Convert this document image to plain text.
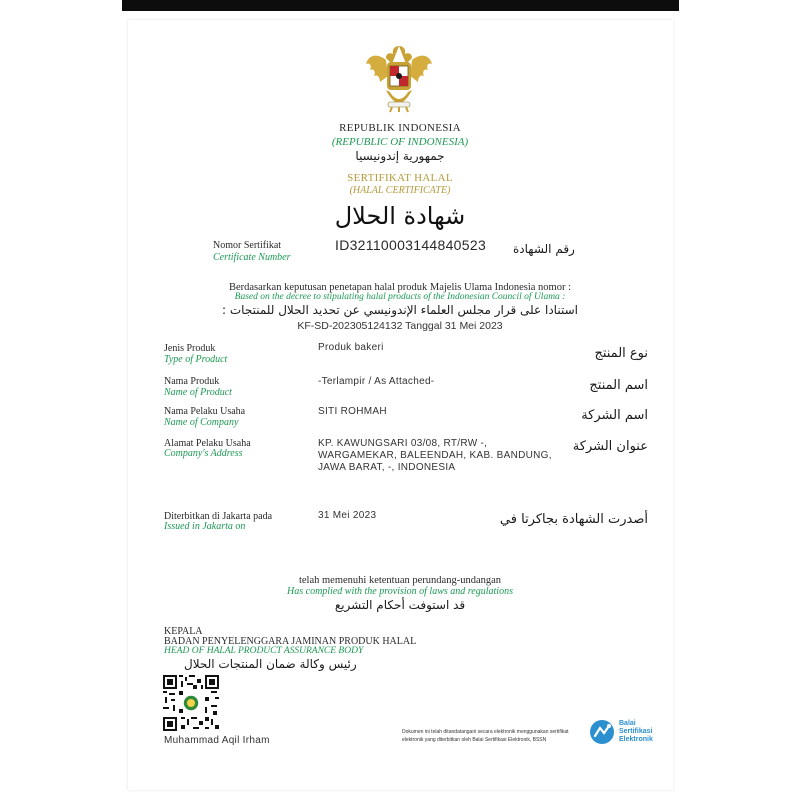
REPUBLIK INDONESIA
(REPUBLIC OF INDONESIA)
جمهورية إندونيسيا
SERTIFIKAT HALAL
(HALAL CERTIFICATE)
شهادة الحلال
Nomor Sertifikat
Certificate Number
ID32110003144840523 رقم الشهادة
Berdasarkan keputusan penetapan halal produk Majelis Ulama Indonesia nomor :
Based on the decree to stipulating halal products of the Indonesian Council of Ulama :
استنادا على قرار مجلس العلماء الإندونيسي عن تحديد الحلال للمنتجات :
KF-SD-202305124132 Tanggal 31 Mei 2023
Jenis Produk
Type of Product
Produk bakeri	نوع المنتج
Nama Produk
Name of Product
-Terlampir / As Attached-	اسم المنتج
Nama Pelaku Usaha
Name of Company
SITI ROHMAH	اسم الشركة
Alamat Pelaku Usaha
Company's Address
KP. KAWUNGSARI 03/08, RT/RW -,
WARGAMEKAR, BALEENDAH, KAB. BANDUNG,
JAWA BARAT, -, INDONESIA
عنوان الشركة
Diterbitkan di Jakarta pada
Issued in Jakarta on
31 Mei 2023	أصدرت الشهادة بجاكرتا في
telah memenuhi ketentuan perundang-undangan
Has complied with the provision of laws and regulations
قد استوفت أحكام التشريع
KEPALA
BADAN PENYELENGGARA JAMINAN PRODUK HALAL
HEAD OF HALAL PRODUCT ASSURANCE BODY
رئيس وكالة ضمان المنتجات الحلال
Muhammad Aqil Irham
Dokumen ini telah ditandatangani secara elektronik menggunakan sertifikat
elektronik yang diterbitkan oleh Balai Sertifikasi Elektronik, BSSN
Balai
Sertifikasi
Elektronik
